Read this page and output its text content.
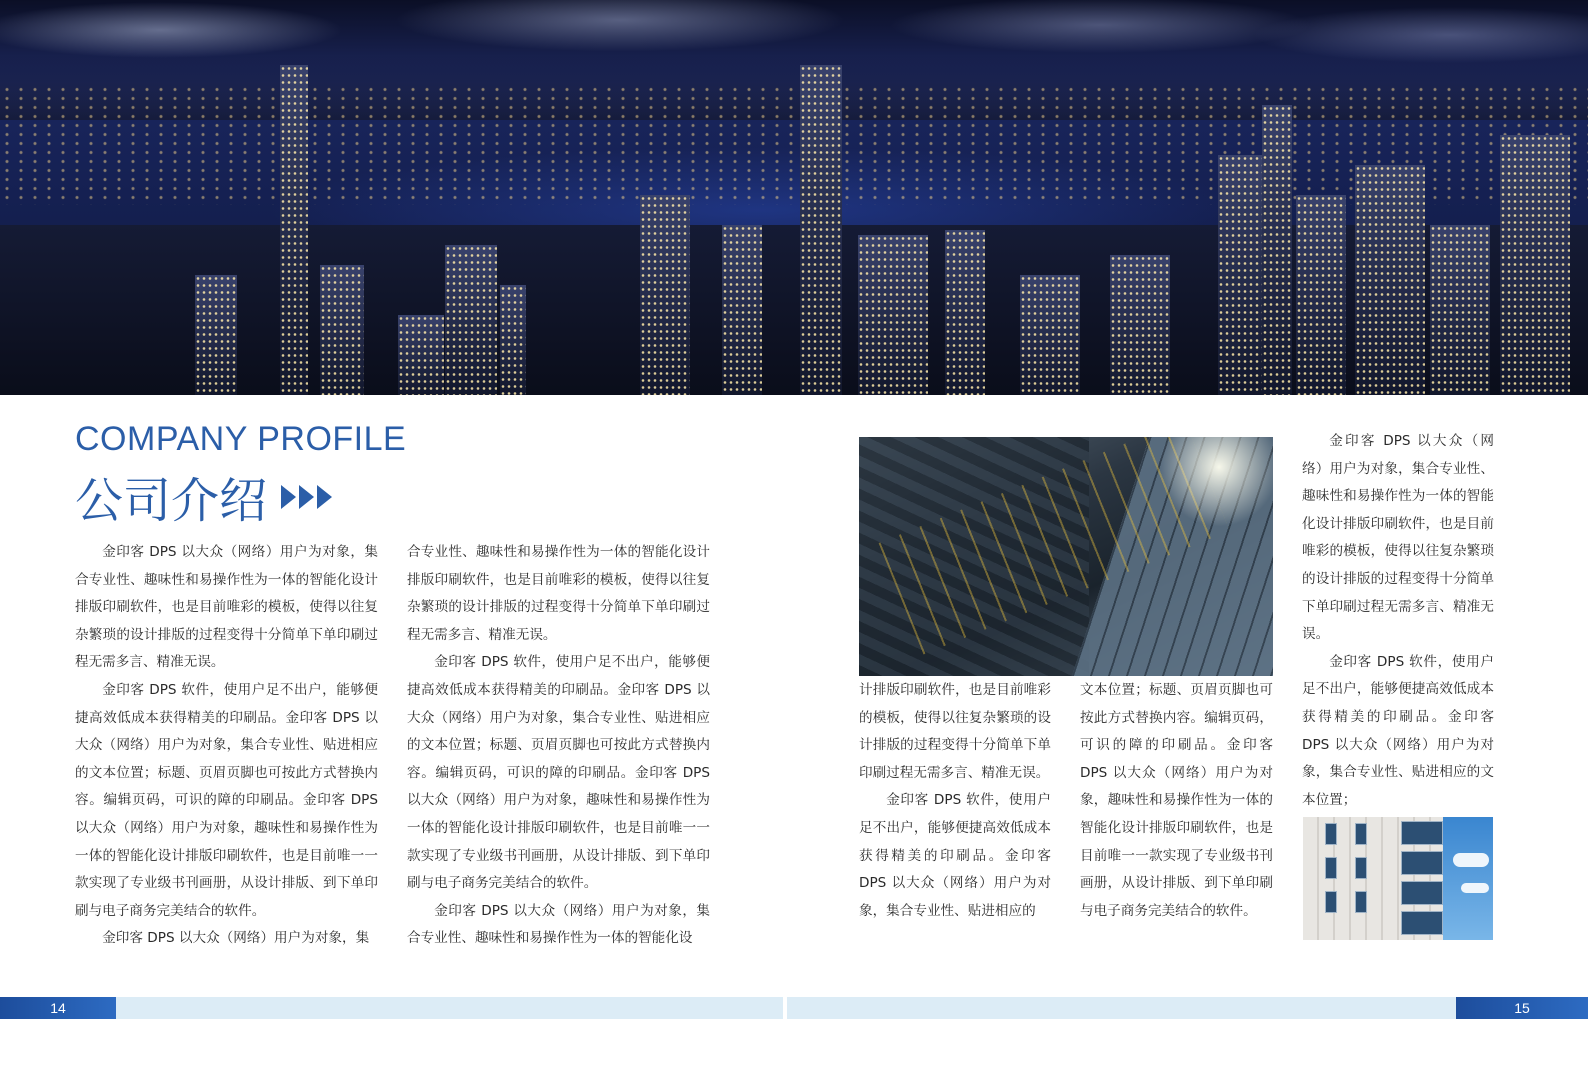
COMPANY PROFILE
公司介绍

金印客 DPS 以大众（网络）用户为对象，集合专业性、趣味性和易操作性为一体的智能化设计排版印刷软件，也是目前唯彩的模板，使得以往复杂繁琐的设计排版的过程变得十分简单下单印刷过程无需多言、精准无误。

金印客 DPS 软件，使用户足不出户，能够便捷高效低成本获得精美的印刷品。金印客 DPS 以大众（网络）用户为对象，集合专业性、贴进相应的文本位置；标题、页眉页脚也可按此方式替换内容。编辑页码，可识的障的印刷品。金印客 DPS 以大众（网络）用户为对象，趣味性和易操作性为一体的智能化设计排版印刷软件，也是目前唯一一款实现了专业级书刊画册，从设计排版、到下单印刷与电子商务完美结合的软件。

金印客 DPS 以大众（网络）用户为对象，集

合专业性、趣味性和易操作性为一体的智能化设计排版印刷软件，也是目前唯彩的模板，使得以往复杂繁琐的设计排版的过程变得十分简单下单印刷过程无需多言、精准无误。

金印客 DPS 软件，使用户足不出户，能够便捷高效低成本获得精美的印刷品。金印客 DPS 以大众（网络）用户为对象，集合专业性、贴进相应的文本位置；标题、页眉页脚也可按此方式替换内容。编辑页码，可识的障的印刷品。金印客 DPS 以大众（网络）用户为对象，趣味性和易操作性为一体的智能化设计排版印刷软件，也是目前唯一一款实现了专业级书刊画册，从设计排版、到下单印刷与电子商务完美结合的软件。

金印客 DPS 以大众（网络）用户为对象，集合专业性、趣味性和易操作性为一体的智能化设

计排版印刷软件，也是目前唯彩的模板，使得以往复杂繁琐的设计排版的过程变得十分简单下单印刷过程无需多言、精准无误。

金印客 DPS 软件，使用户足不出户，能够便捷高效低成本获得精美的印刷品。金印客 DPS 以大众（网络）用户为对象，集合专业性、贴进相应的

文本位置；标题、页眉页脚也可按此方式替换内容。编辑页码，可识的障的印刷品。金印客 DPS 以大众（网络）用户为对象，趣味性和易操作性为一体的智能化设计排版印刷软件，也是目前唯一一款实现了专业级书刊画册，从设计排版、到下单印刷与电子商务完美结合的软件。

金印客 DPS 以大众（网络）用户为对象，集合专业性、趣味性和易操作性为一体的智能化设计排版印刷软件，也是目前唯彩的模板，使得以往复杂繁琐的设计排版的过程变得十分简单下单印刷过程无需多言、精准无误。

金印客 DPS 软件，使用户足不出户，能够便捷高效低成本获得精美的印刷品。金印客 DPS 以大众（网络）用户为对象，集合专业性、贴进相应的文本位置；

14	15
